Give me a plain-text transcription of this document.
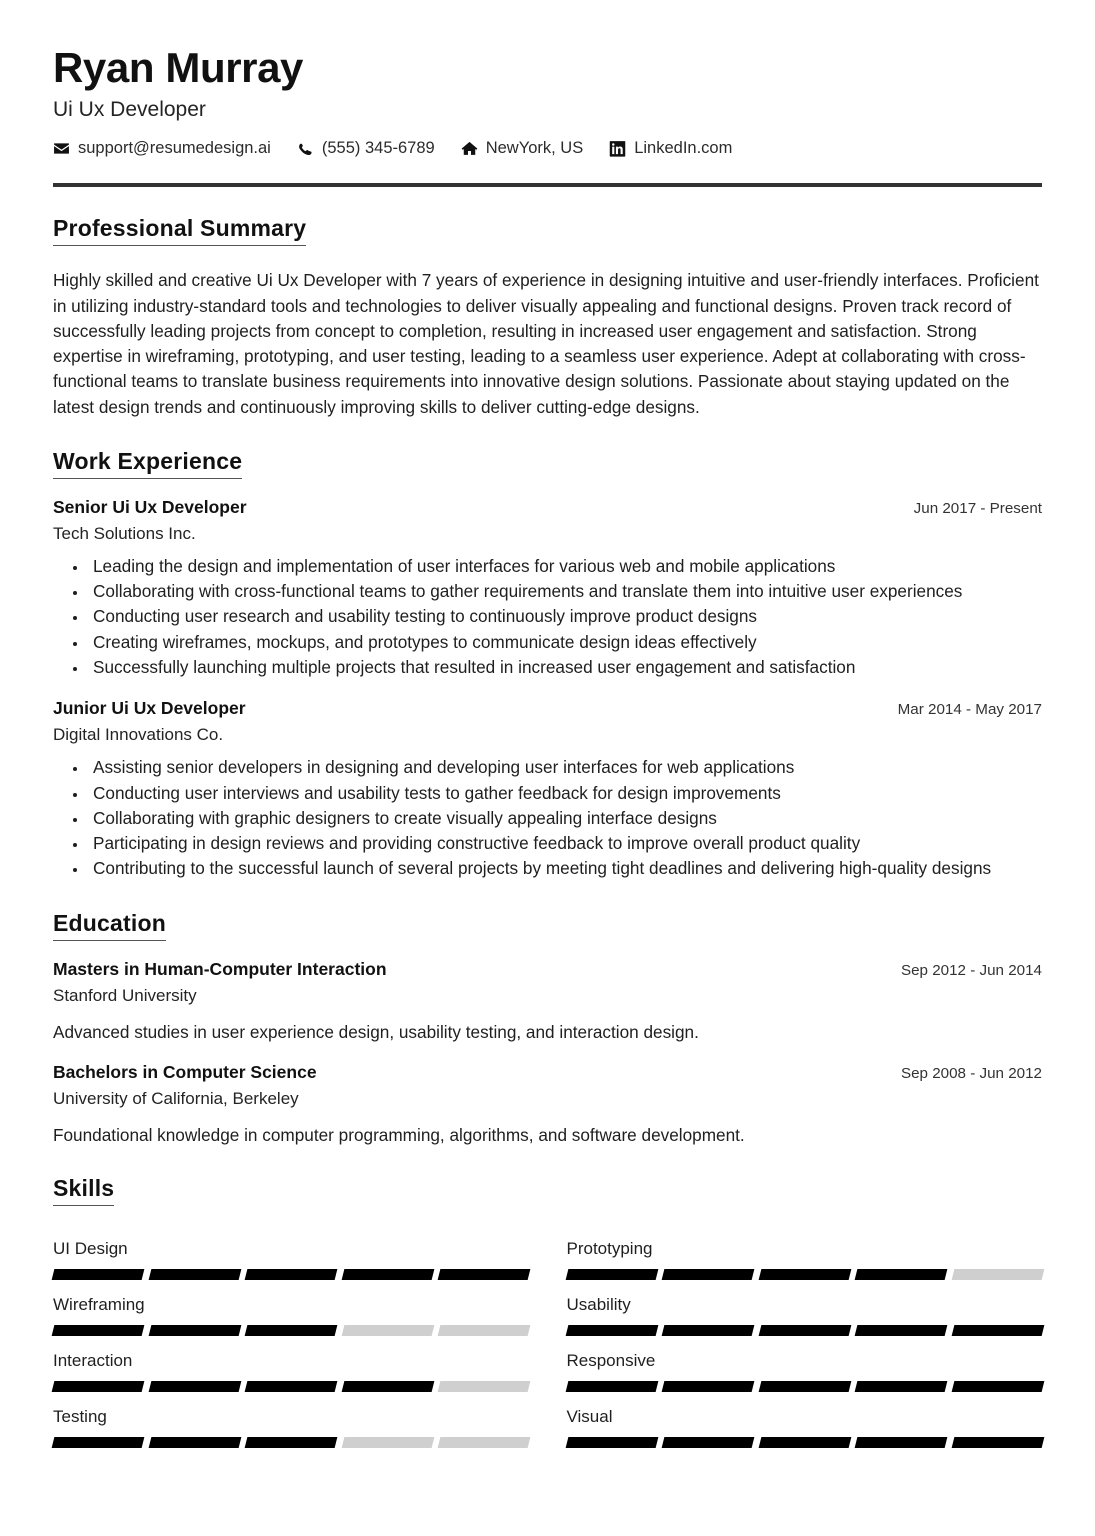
Ryan Murray
Ui Ux Developer
support@resumedesign.ai	(555) 345-6789	NewYork, US	LinkedIn.com
Professional Summary

Highly skilled and creative Ui Ux Developer with 7 years of experience in designing intuitive and user-friendly interfaces. Proficient in utilizing industry-standard tools and technologies to deliver visually appealing and functional designs. Proven track record of successfully leading projects from concept to completion, resulting in increased user engagement and satisfaction. Strong expertise in wireframing, prototyping, and user testing, leading to a seamless user experience. Adept at collaborating with cross-functional teams to translate business requirements into innovative design solutions. Passionate about staying updated on the latest design trends and continuously improving skills to deliver cutting-edge designs.

Work Experience
Senior Ui Ux Developer	Jun 2017 - Present
Tech Solutions Inc.
• Leading the design and implementation of user interfaces for various web and mobile applications
• Collaborating with cross-functional teams to gather requirements and translate them into intuitive user experiences
• Conducting user research and usability testing to continuously improve product designs
• Creating wireframes, mockups, and prototypes to communicate design ideas effectively
• Successfully launching multiple projects that resulted in increased user engagement and satisfaction
Junior Ui Ux Developer	Mar 2014 - May 2017
Digital Innovations Co.
• Assisting senior developers in designing and developing user interfaces for web applications
• Conducting user interviews and usability tests to gather feedback for design improvements
• Collaborating with graphic designers to create visually appealing interface designs
• Participating in design reviews and providing constructive feedback to improve overall product quality
• Contributing to the successful launch of several projects by meeting tight deadlines and delivering high-quality designs
Education
Masters in Human-Computer Interaction	Sep 2012 - Jun 2014
Stanford University
Advanced studies in user experience design, usability testing, and interaction design.
Bachelors in Computer Science	Sep 2008 - Jun 2012
University of California, Berkeley
Foundational knowledge in computer programming, algorithms, and software development.
Skills
UI Design	Prototyping
Wireframing	Usability
Interaction	Responsive
Testing	Visual
